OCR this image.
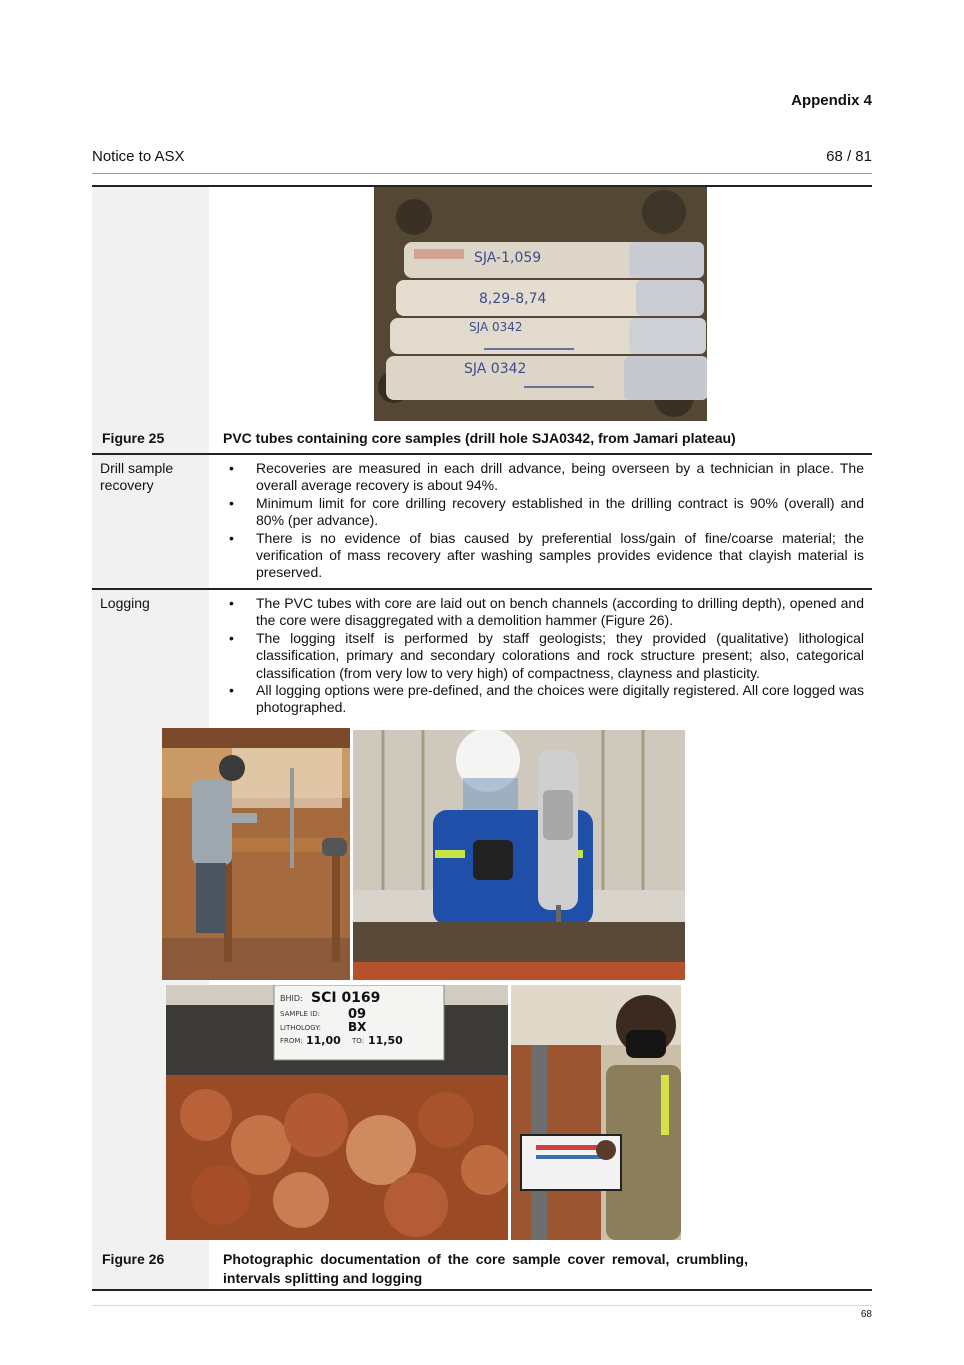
Appendix 4
Notice to ASX	68 / 81
SJA-1,059
8,29-8,74
SJA 0342
SJA 0342
Figure 25	PVC tubes containing core samples (drill hole SJA0342, from Jamari plateau)
Drill sample recovery
• Recoveries are measured in each drill advance, being overseen by a technician in place. The overall average recovery is about 94%.
• Minimum limit for core drilling recovery established in the drilling contract is 90% (overall) and 80% (per advance).
• There is no evidence of bias caused by preferential loss/gain of fine/coarse material; the verification of mass recovery after washing samples provides evidence that clayish material is preserved.
Logging
•	The PVC tubes with core are laid out on bench channels (according to drilling depth), opened and the core were disaggregated with a demolition hammer (Figure 26).
• The logging itself is performed by staff geologists; they provided (qualitative) lithological classification, primary and secondary colorations and rock structure present; also, categorical classification (from very low to very high) of compactness, clayness and plasticity.
• All logging options were pre-defined, and the choices were digitally registered. All core logged was photographed.
BHID: SCI 0169
SAMPLE ID: 09
LITHOLOGY: BX
FROM: 11,00 TO: 11,50
Figure 26	Photographic documentation of the core sample cover removal, crumbling, intervals splitting and logging
68
